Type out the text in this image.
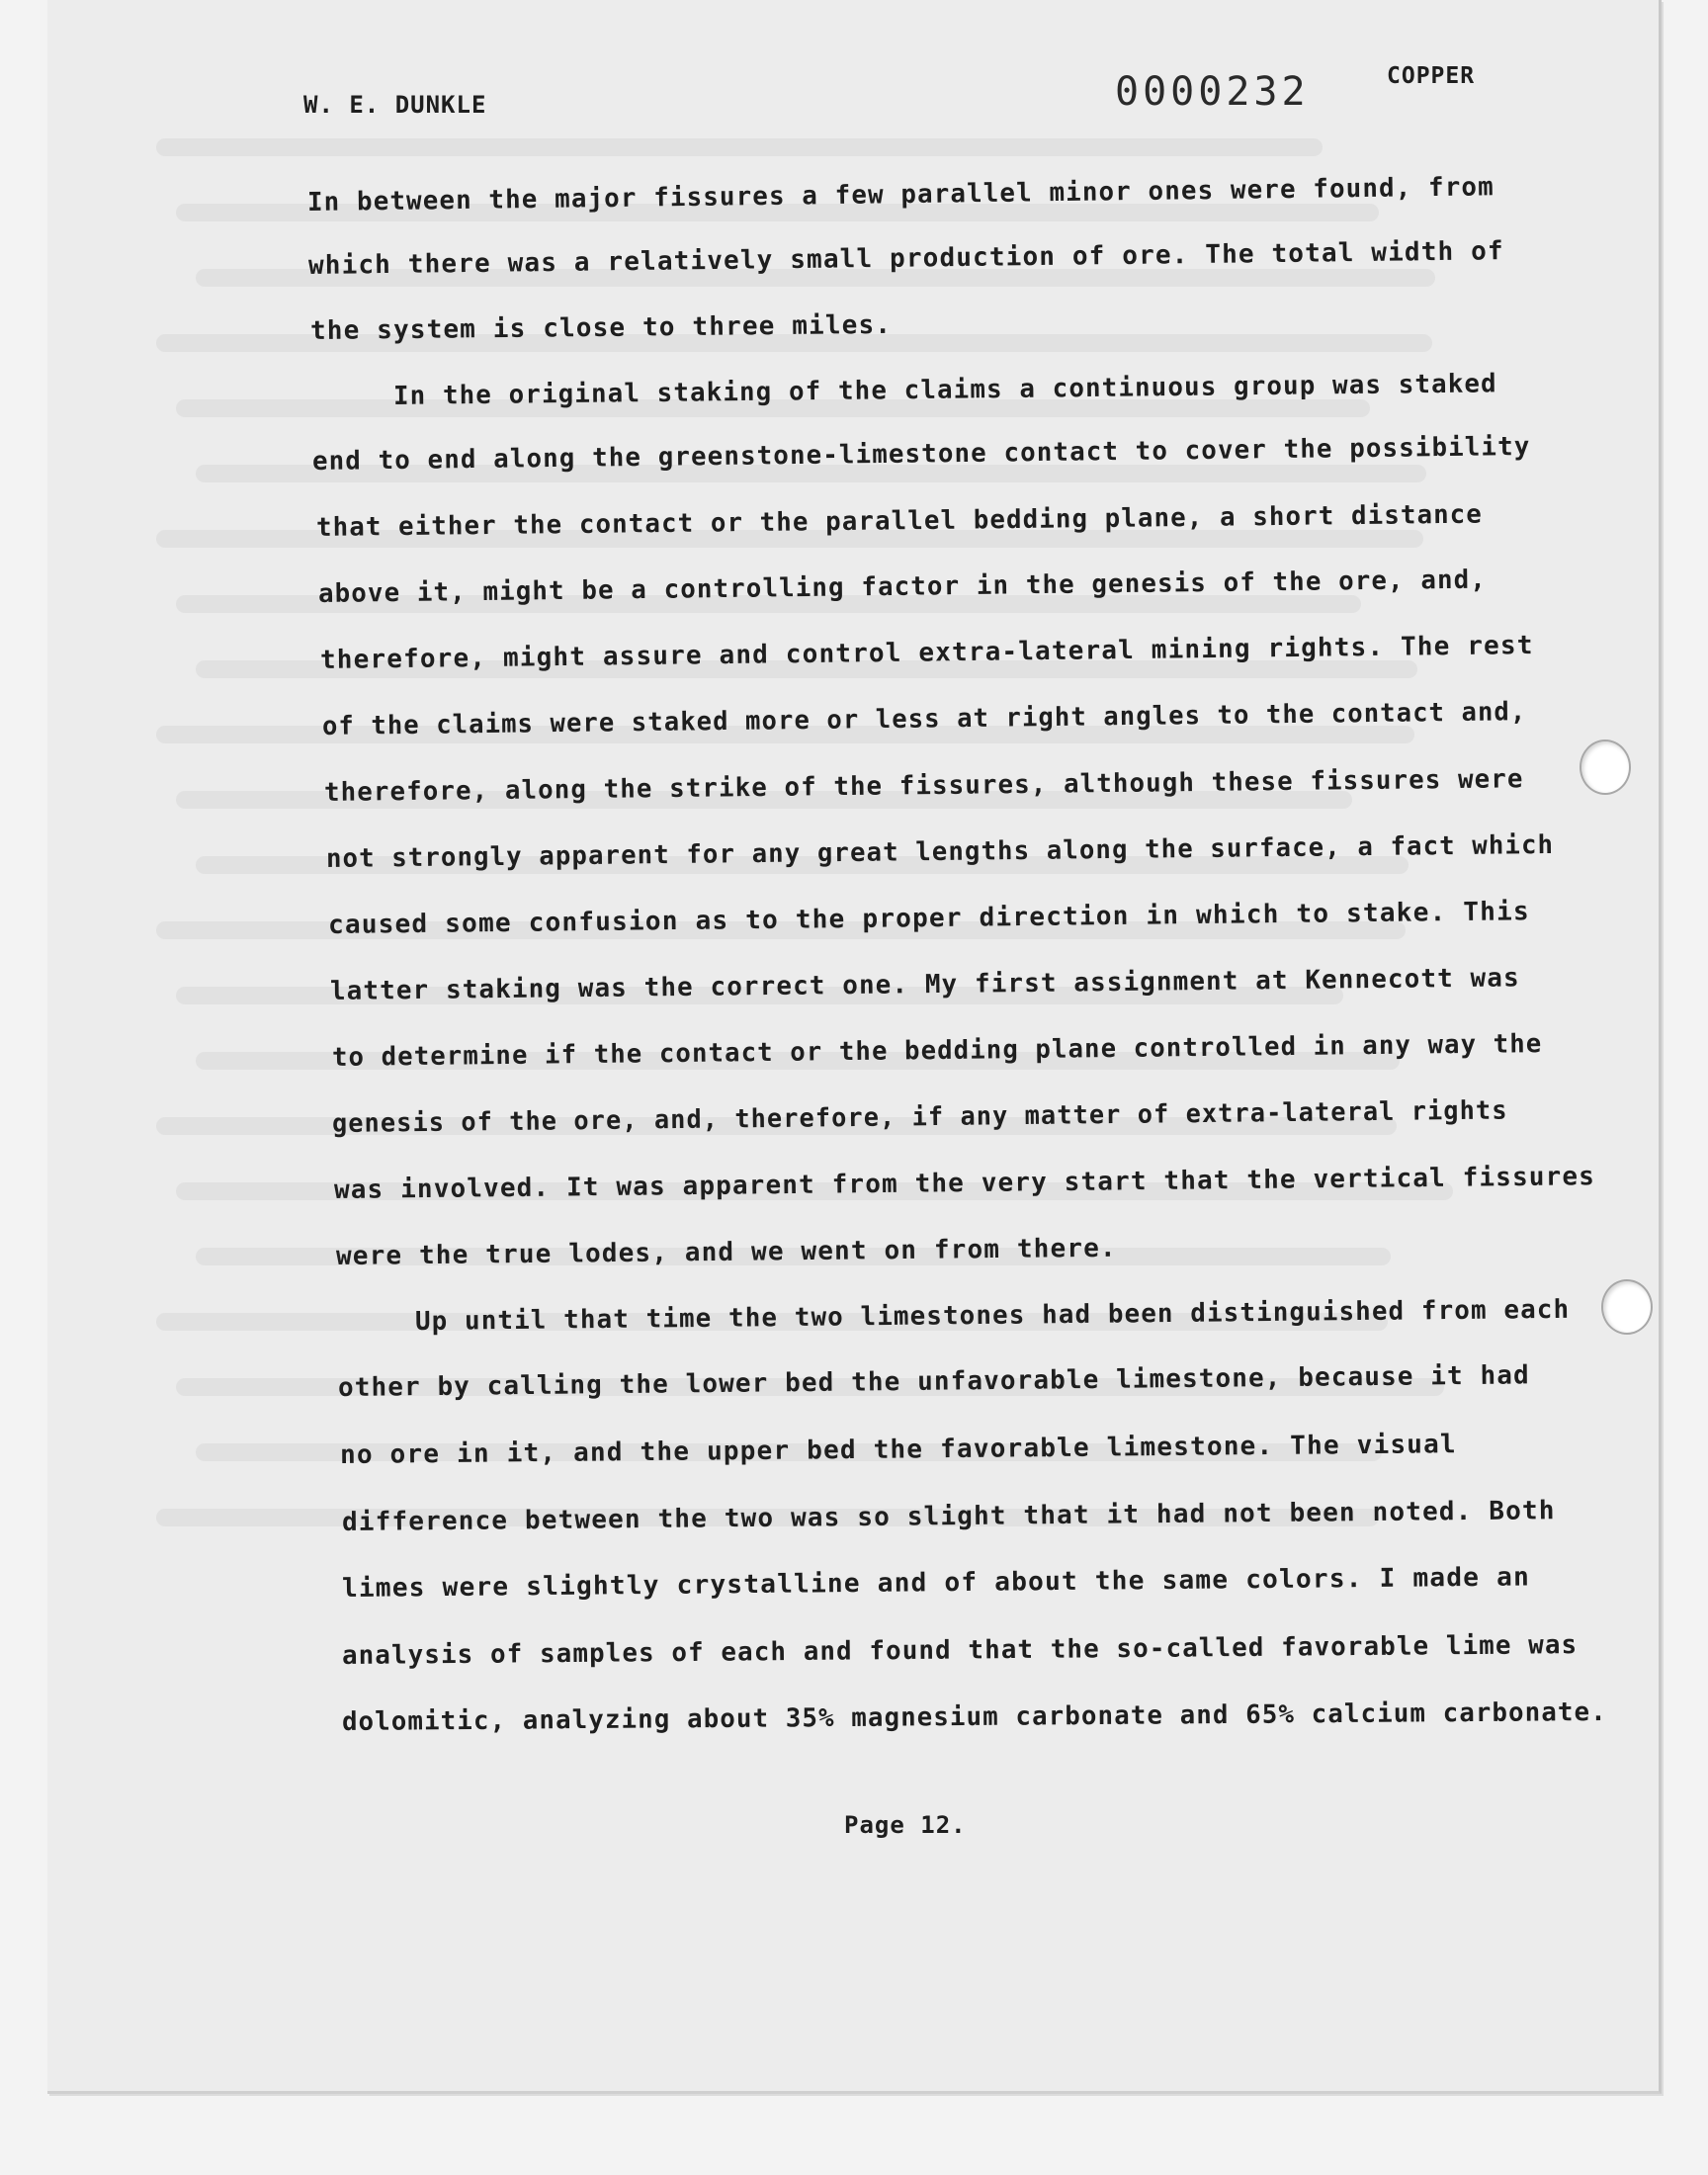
W. E. DUNKLE	0000232	COPPER
In between the major fissures a few parallel minor ones were found, from
which there was a relatively small production of ore. The total width of
the system is close to three miles.
In the original staking of the claims a continuous group was staked
end to end along the greenstone-limestone contact to cover the possibility
that either the contact or the parallel bedding plane, a short distance
above it, might be a controlling factor in the genesis of the ore, and,
therefore, might assure and control extra-lateral mining rights. The rest
of the claims were staked more or less at right angles to the contact and,
therefore, along the strike of the fissures, although these fissures were
not strongly apparent for any great lengths along the surface, a fact which
caused some confusion as to the proper direction in which to stake. This
latter staking was the correct one. My first assignment at Kennecott was
to determine if the contact or the bedding plane controlled in any way the
genesis of the ore, and, therefore, if any matter of extra-lateral rights
was involved. It was apparent from the very start that the vertical fissures
were the true lodes, and we went on from there.
Up until that time the two limestones had been distinguished from each
other by calling the lower bed the unfavorable limestone, because it had
no ore in it, and the upper bed the favorable limestone. The visual
difference between the two was so slight that it had not been noted. Both
limes were slightly crystalline and of about the same colors. I made an
analysis of samples of each and found that the so-called favorable lime was
dolomitic, analyzing about 35% magnesium carbonate and 65% calcium carbonate.
Page 12.
